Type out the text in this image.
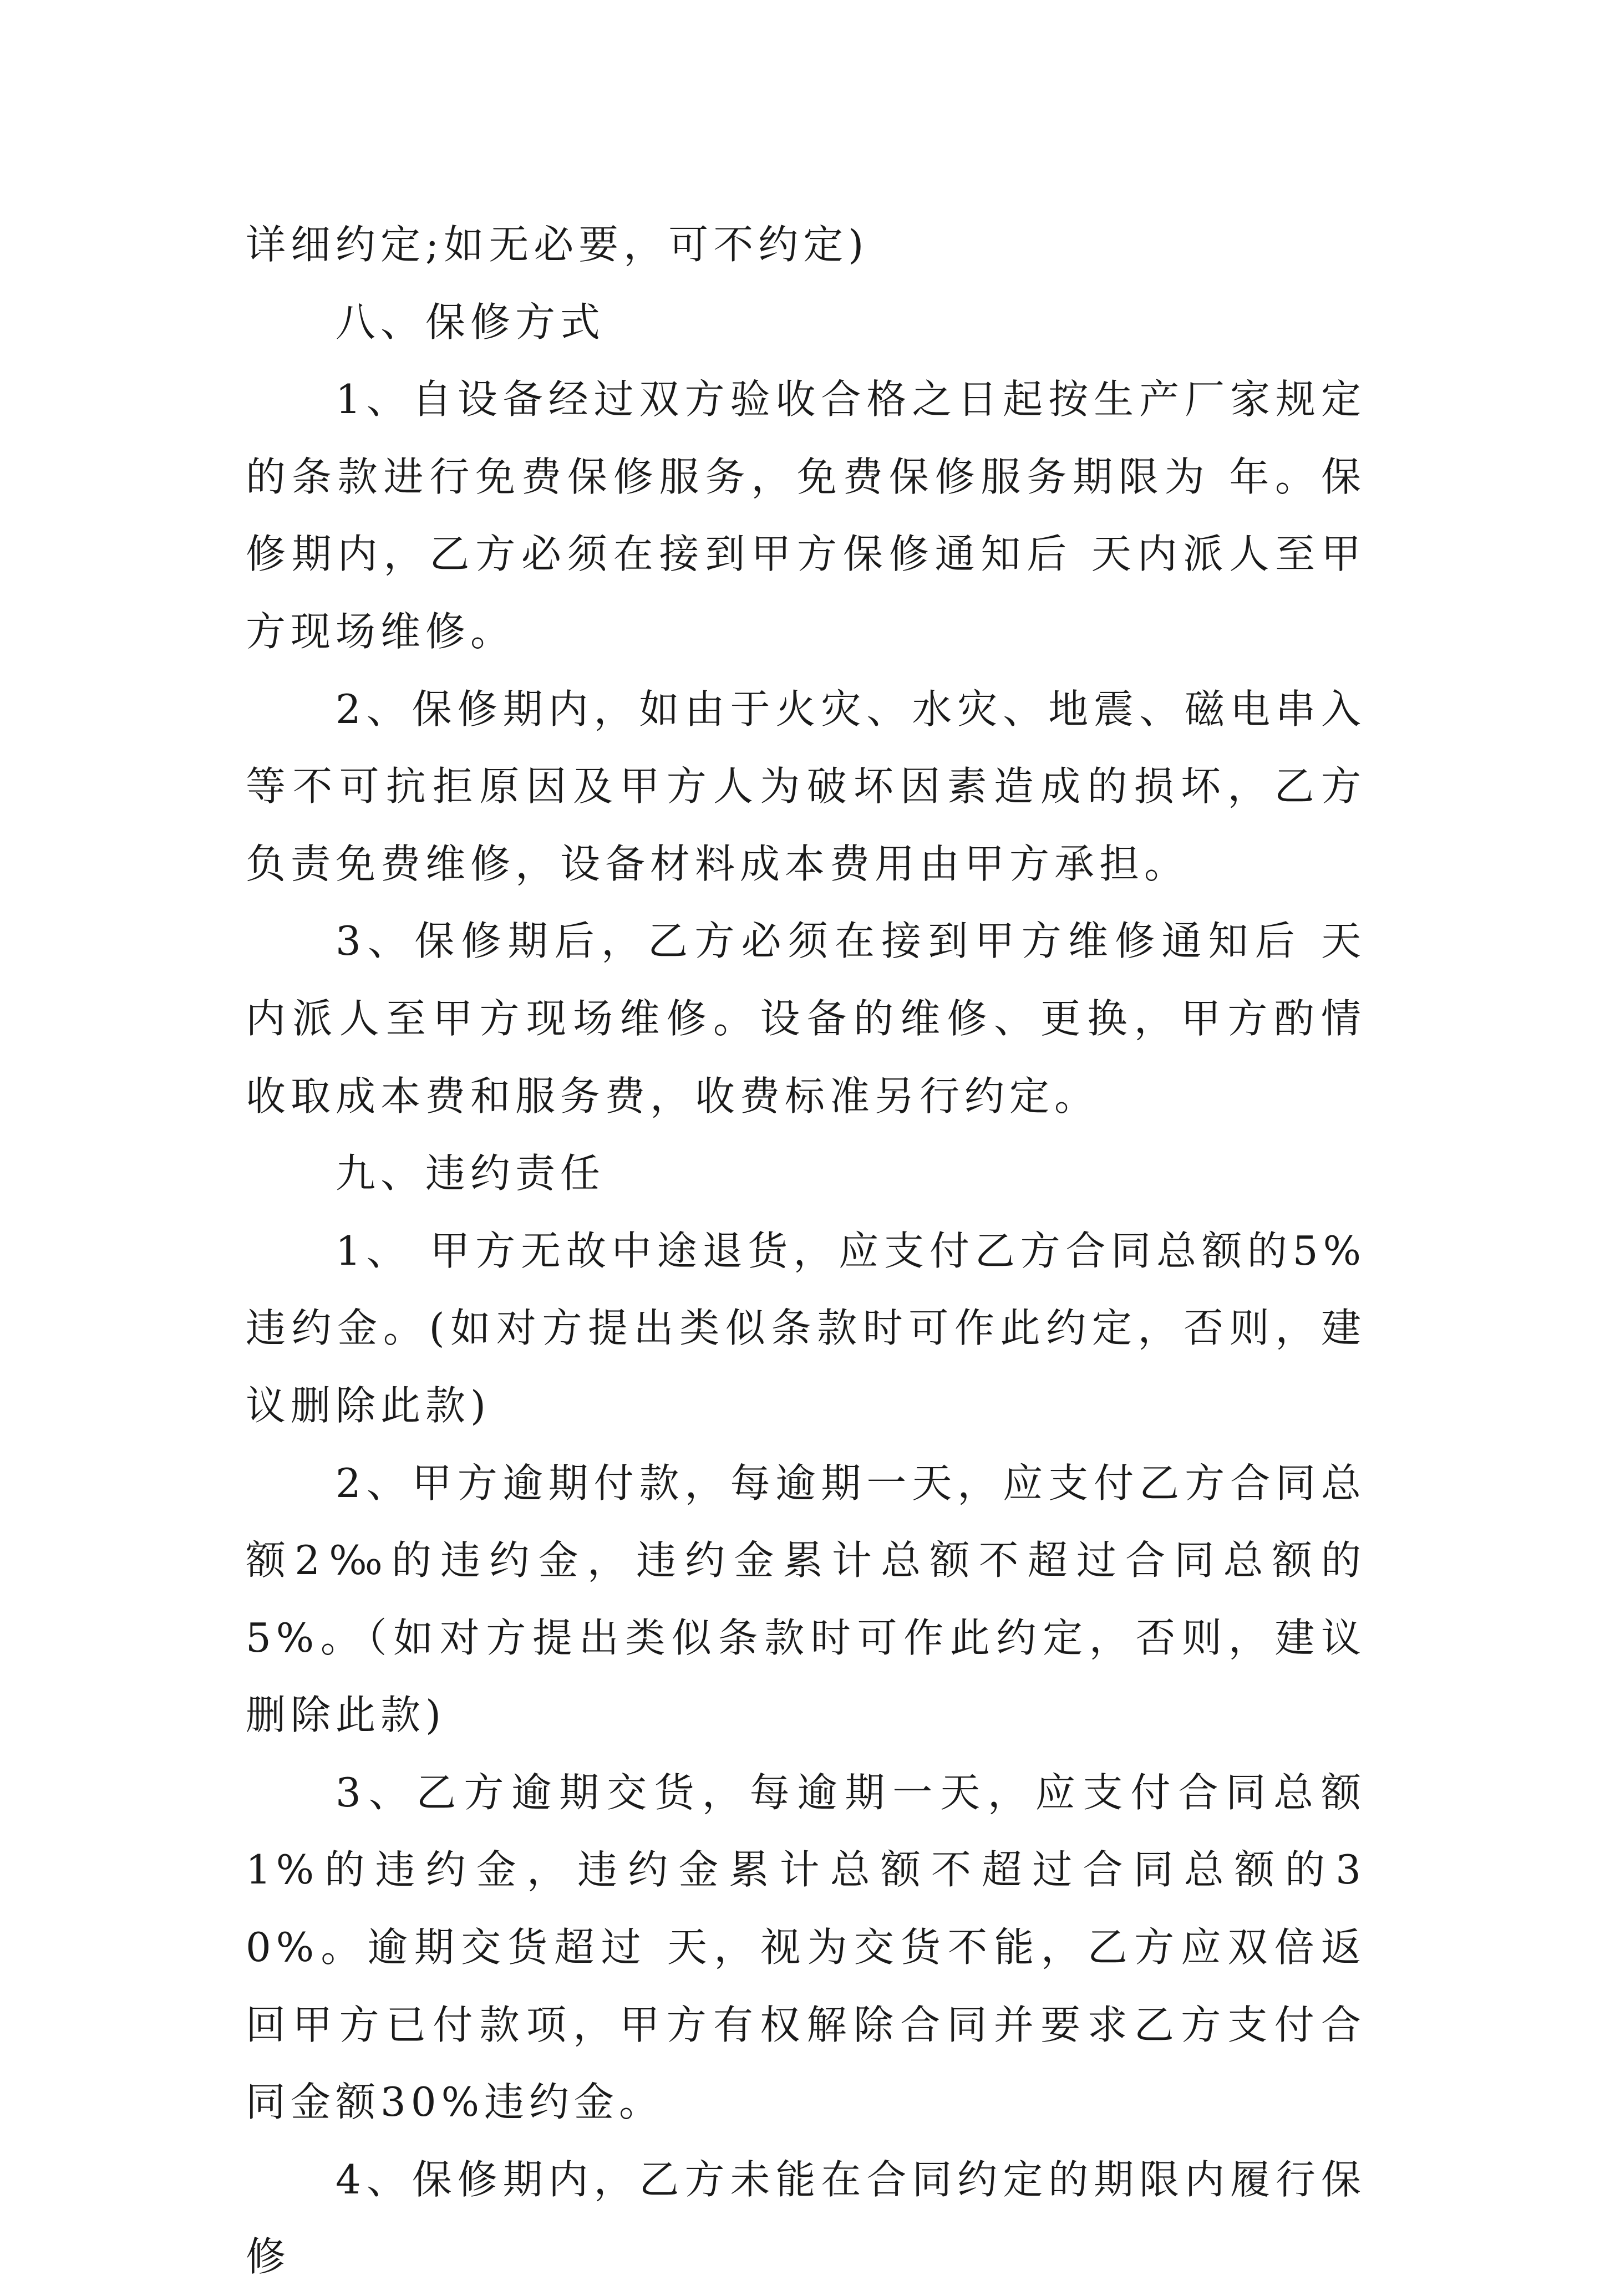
详细约定;如无必要，可不约定)

八、保修方式

1、自设备经过双方验收合格之日起按生产厂家规定的条款进行免费保修服务，免费保修服务期限为 年。保修期内，乙方必须在接到甲方保修通知后 天内派人至甲方现场维修。

2、保修期内，如由于火灾、水灾、地震、磁电串入等不可抗拒原因及甲方人为破坏因素造成的损坏，乙方负责免费维修，设备材料成本费用由甲方承担。

3、保修期后，乙方必须在接到甲方维修通知后 天内派人至甲方现场维修。设备的维修、更换，甲方酌情收取成本费和服务费，收费标准另行约定。

九、违约责任

1、 甲方无故中途退货，应支付乙方合同总额的5%违约金。(如对方提出类似条款时可作此约定，否则，建议删除此款)

2、甲方逾期付款，每逾期一天，应支付乙方合同总额2‰的违约金，违约金累计总额不超过合同总额的5%。（如对方提出类似条款时可作此约定，否则，建议删除此款)

3、乙方逾期交货，每逾期一天，应支付合同总额1%的违约金，违约金累计总额不超过合同总额的30%。逾期交货超过 天，视为交货不能，乙方应双倍返回甲方已付款项，甲方有权解除合同并要求乙方支付合同金额30%违约金。

4、保修期内，乙方未能在合同约定的期限内履行保修
